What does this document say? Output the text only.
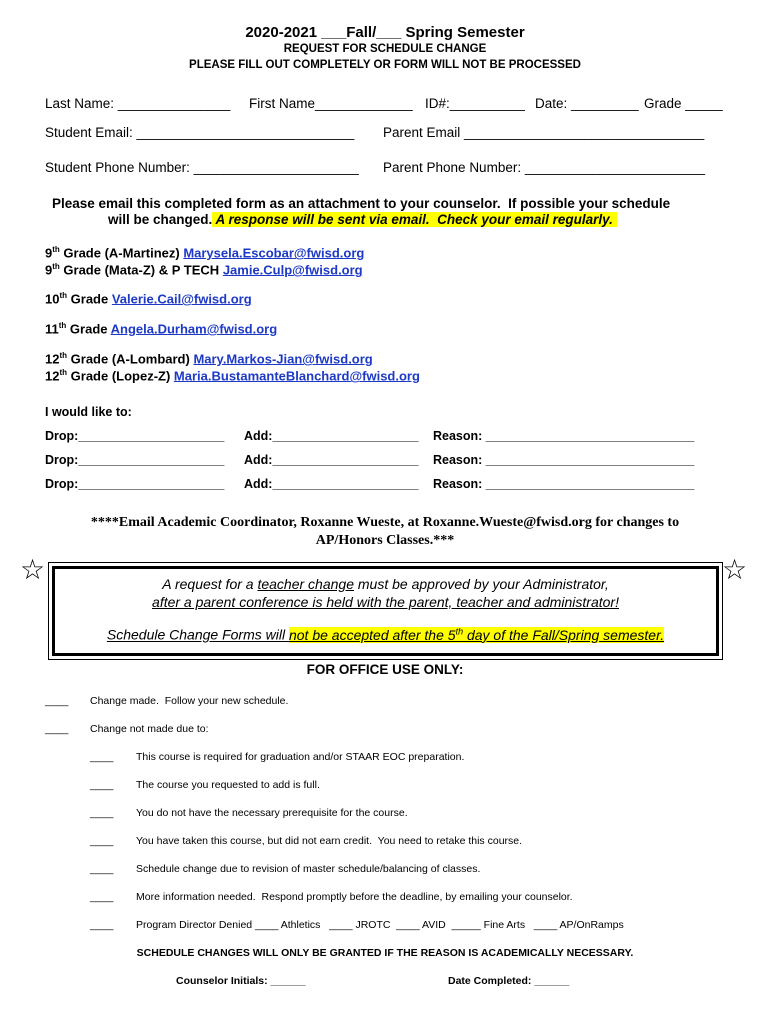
2020-2021 ___Fall/___ Spring Semester
REQUEST FOR SCHEDULE CHANGE
PLEASE FILL OUT COMPLETELY OR FORM WILL NOT BE PROCESSED
Last Name: _______________ First Name_____________ ID#:__________ Date: _________ Grade _____
Student Email: _____________________________ Parent Email ________________________________
Student Phone Number: ______________________ Parent Phone Number: ________________________
Please email this completed form as an attachment to your counselor.  If possible your schedule
will be changed. A response will be sent via email.  Check your email regularly.
9th Grade (A-Martinez) Marysela.Escobar@fwisd.org
9th Grade (Mata-Z) & P TECH Jamie.Culp@fwisd.org
10th Grade Valerie.Cail@fwisd.org
11th Grade Angela.Durham@fwisd.org
12th Grade (A-Lombard) Mary.Markos-Jian@fwisd.org
12th Grade (Lopez-Z) Maria.BustamanteBlanchard@fwisd.org
I would like to:
Drop:_____________________ Add:_____________________ Reason: ______________________________
Drop:_____________________ Add:_____________________ Reason: ______________________________
Drop:_____________________ Add:_____________________ Reason: ______________________________
****Email Academic Coordinator, Roxanne Wueste, at Roxanne.Wueste@fwisd.org for changes to
AP/Honors Classes.***
☆	☆
A request for a teacher change must be approved by your Administrator,
after a parent conference is held with the parent, teacher and administrator!
Schedule Change Forms will not be accepted after the 5th day of the Fall/Spring semester.
FOR OFFICE USE ONLY:
____ Change made.  Follow your new schedule.
____ Change not made due to:
____ This course is required for graduation and/or STAAR EOC preparation.
____ The course you requested to add is full.
____ You do not have the necessary prerequisite for the course.
____ You have taken this course, but did not earn credit.  You need to retake this course.
____ Schedule change due to revision of master schedule/balancing of classes.
____ More information needed.  Respond promptly before the deadline, by emailing your counselor.
____ Program Director Denied ____ Athletics   ____ JROTC  ____ AVID  _____ Fine Arts   ____ AP/OnRamps
SCHEDULE CHANGES WILL ONLY BE GRANTED IF THE REASON IS ACADEMICALLY NECESSARY.
Counselor Initials: ______	Date Completed: ______
